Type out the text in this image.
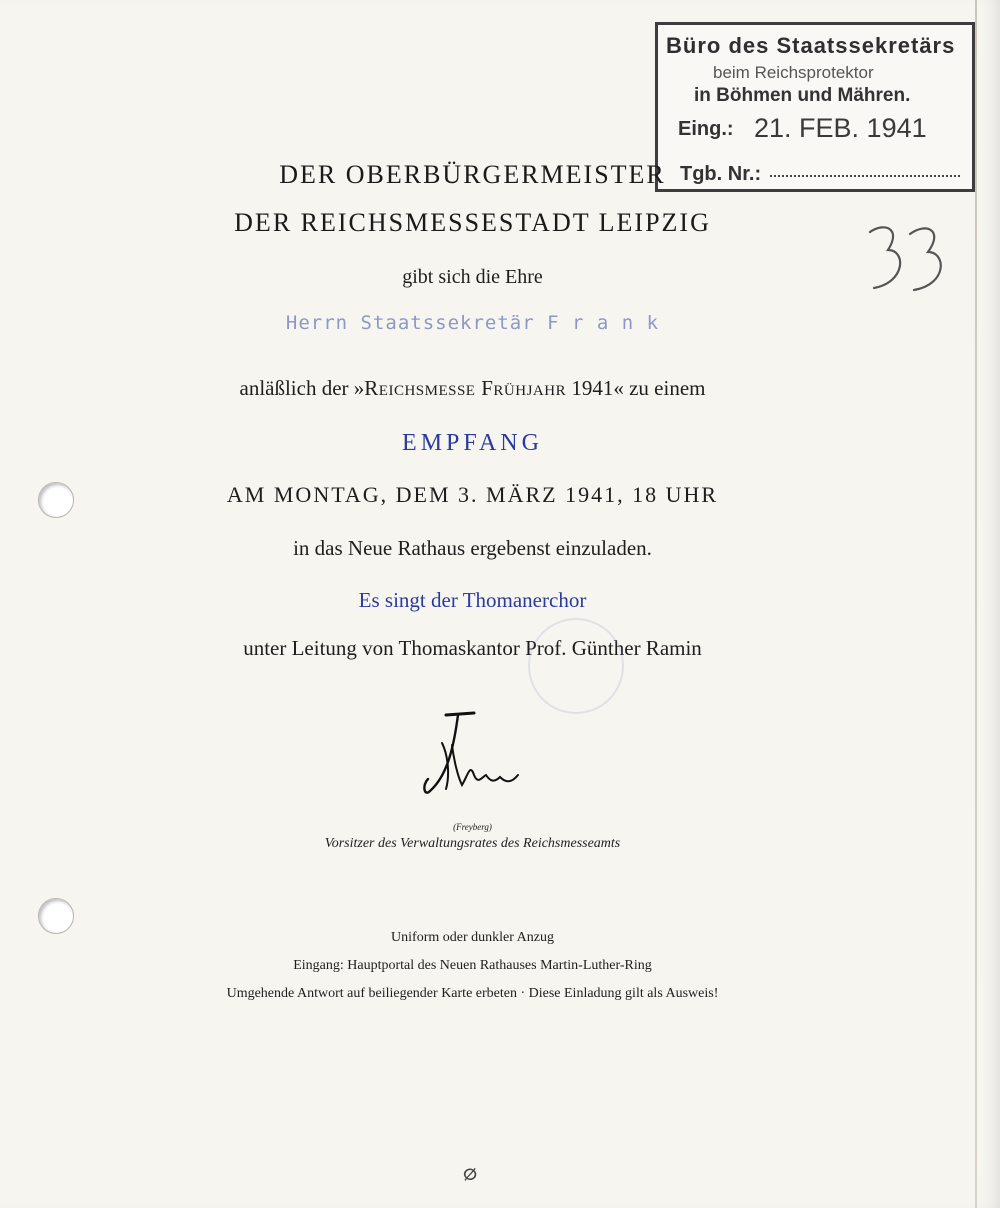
Büro des Staatssekretärs
beim Reichsprotektor
in Böhmen und Mähren.
Eing.: 21. FEB. 1941
Tgb. Nr.:
DER OBERBÜRGERMEISTER
DER REICHSMESSESTADT LEIPZIG
gibt sich die Ehre
Herrn Staatssekretär F r a n k
anläßlich der »Reichsmesse Frühjahr 1941« zu einem
EMPFANG
AM MONTAG, DEM 3. MÄRZ 1941, 18 UHR
in das Neue Rathaus ergebenst einzuladen.
Es singt der Thomanerchor
unter Leitung von Thomaskantor Prof. Günther Ramin
(Freyberg)
Vorsitzer des Verwaltungsrates des Reichsmesseamts
Uniform oder dunkler Anzug
Eingang: Hauptportal des Neuen Rathauses Martin-Luther-Ring
Umgehende Antwort auf beiliegender Karte erbeten · Diese Einladung gilt als Ausweis!
ⵁ
